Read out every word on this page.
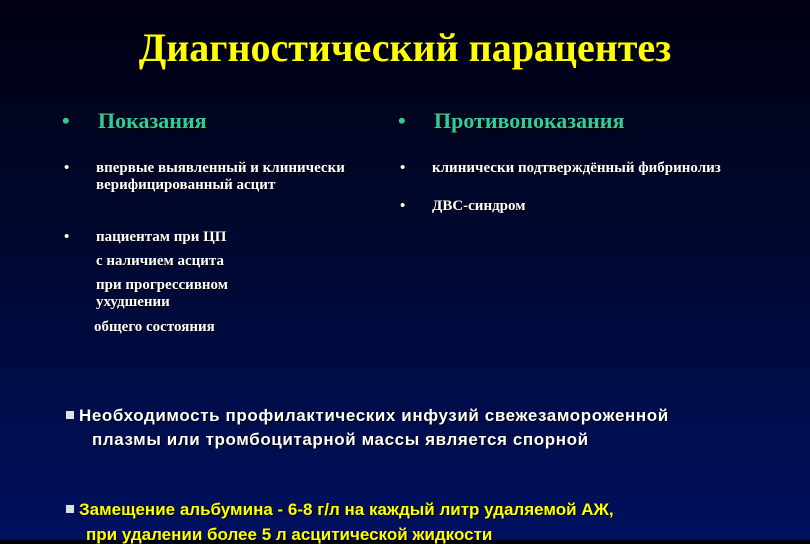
Диагностический парацентез
• Показания
• впервые выявленный и клинически верифицированный асцит
• пациентам при ЦП
с наличием асцита
при прогрессивном ухудшении
общего состояния
• Противопоказания
• клинически подтверждённый фибринолиз
• ДВС-синдром
Необходимость профилактических инфузий свежезамороженной
плазмы или тромбоцитарной массы является спорной
Замещение альбумина - 6-8 г/л на каждый литр удаляемой АЖ,
при удалении более 5 л асцитической жидкости
